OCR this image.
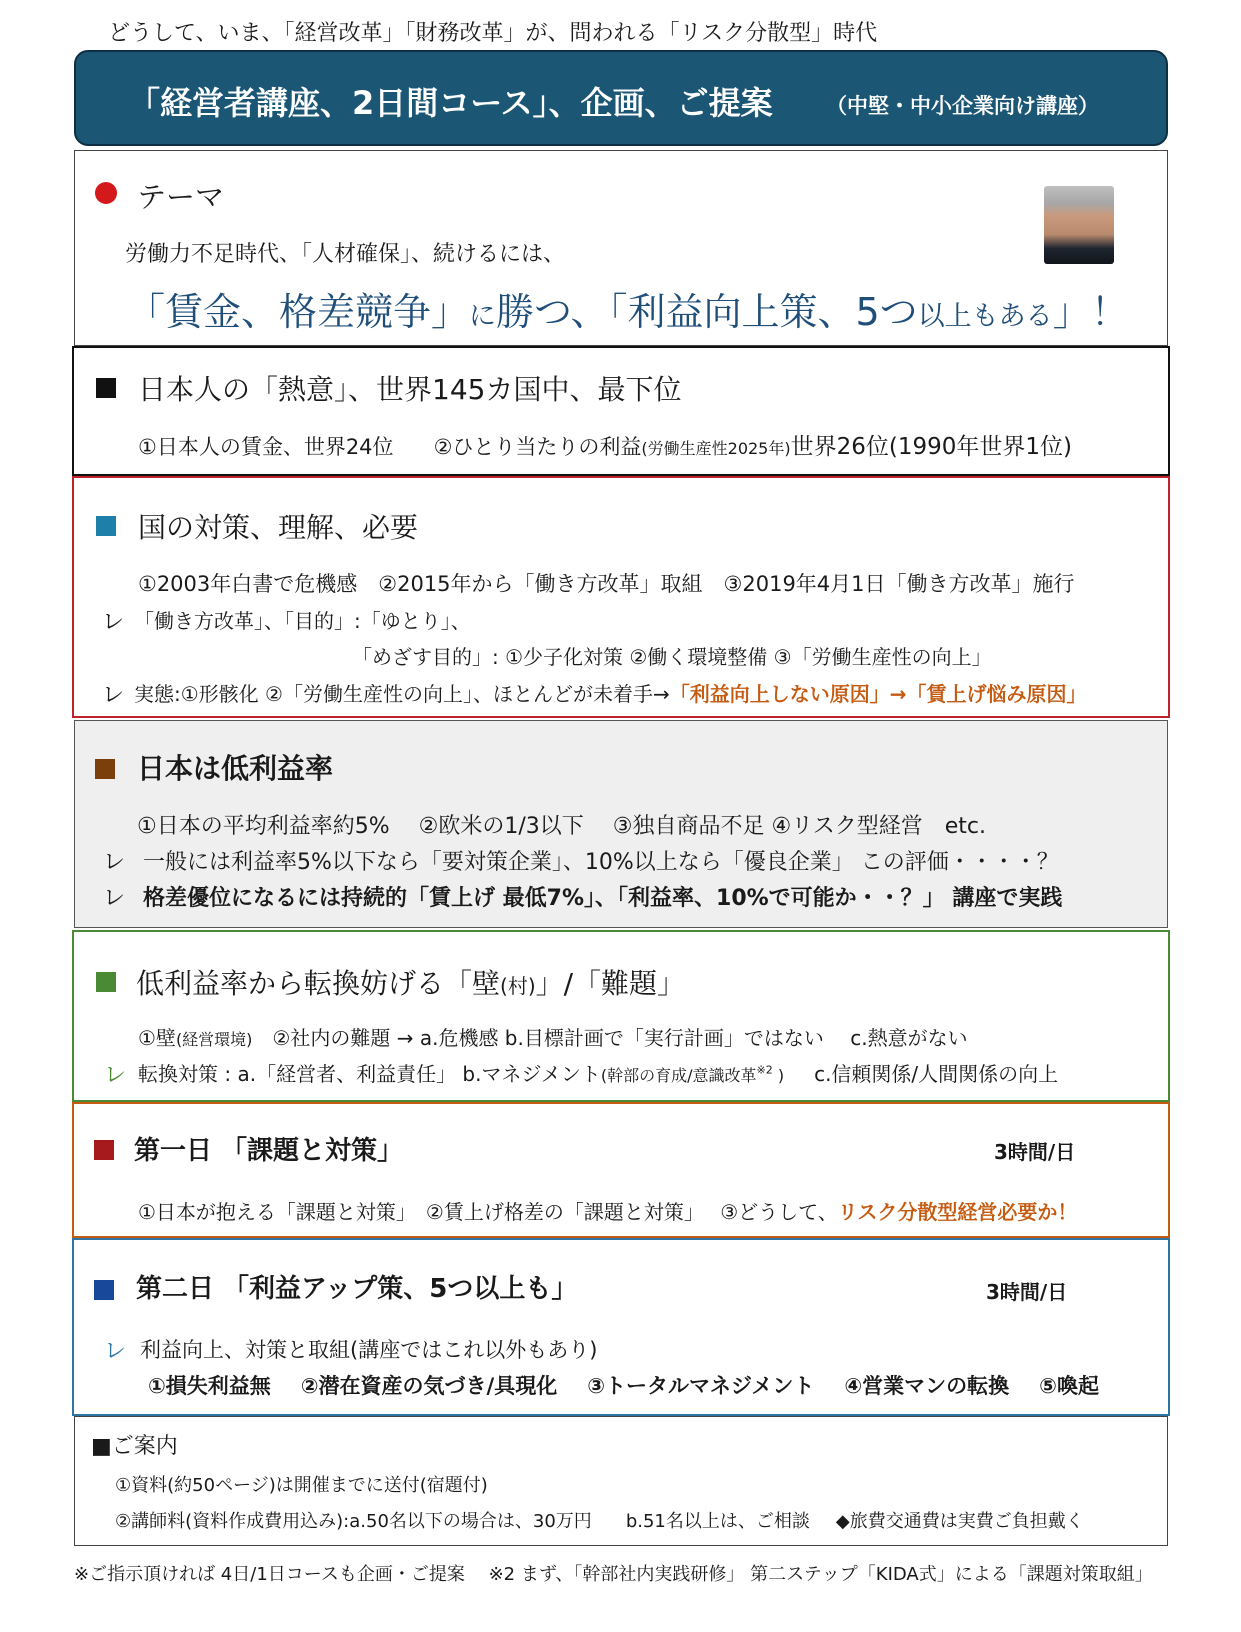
どうして、いま、「経営改革」「財務改革」が、問われる「リスク分散型」時代
「経営者講座、2日間コース」、企画、ご提案	（中堅・中小企業向け講座）
テーマ
労働力不足時代、「人材確保」、続けるには、
「賃金、格差競争」に勝つ、「利益向上策、5つ以上もある」！
日本人の「熱意」、世界145カ国中、最下位
①日本人の賃金、世界24位 ②ひとり当たりの利益(労働生産性2025年)世界26位(1990年世界1位)
国の対策、理解、必要
①2003年白書で危機感　②2015年から「働き方改革」取組　③2019年4月1日「働き方改革」施行
レ 「働き方改革」、「目的」:「ゆとり」、
「めざす目的」: ①少子化対策 ②働く環境整備 ③「労働生産性の向上」
レ 実態:①形骸化 ②「労働生産性の向上」、ほとんどが未着手→「利益向上しない原因」→「賃上げ悩み原因」
日本は低利益率
①日本の平均利益率約5%　 ②欧米の1/3以下　 ③独自商品不足 ④リスク型経営　etc.
レ 一般には利益率5%以下なら「要対策企業」、10%以上なら「優良企業」 この評価・・・・？
レ 格差優位になるには持続的「賃上げ 最低7%」、「利益率、10%で可能か・・？」 講座で実践
低利益率から転換妨げる「壁(村)」/「難題」
①壁(経営環境)　②社内の難題 → a.危機感 b.目標計画で「実行計画」ではない　 c.熱意がない
レ 転換対策 : a.「経営者、利益責任」 b.マネジメント(幹部の育成/意識改革$^{※2}$ ) c.信頼関係/人間関係の向上
第一日 「課題と対策」	3時間/日
①日本が抱える「課題と対策」　②賃上げ格差の「課題と対策」　 ③どうして、リスク分散型経営必要か！
第二日 「利益アップ策、5つ以上も」	3時間/日
レ 利益向上、対策と取組(講座ではこれ以外もあり)
①損失利益無 ②潜在資産の気づき/具現化 ③トータルマネジメント ④営業マンの転換 ⑤喚起
■ご案内
①資料(約50ページ)は開催までに送付(宿題付)
②講師料(資料作成費用込み):a.50名以下の場合は、30万円 b.51名以上は、ご相談 ◆旅費交通費は実費ご負担戴く
※ご指示頂ければ 4日/1日コースも企画・ご提案　 ※2 まず、「幹部社内実践研修」 第二ステップ「KIDA式」による「課題対策取組」
